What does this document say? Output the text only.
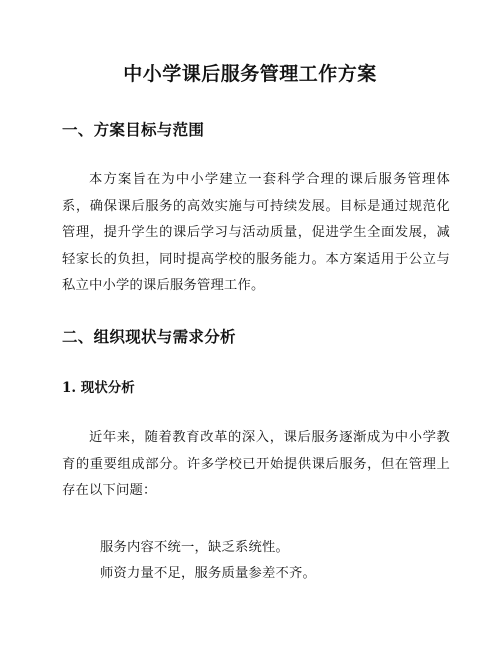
中小学课后服务管理工作方案
一、方案目标与范围

本方案旨在为中小学建立一套科学合理的课后服务管理体系，确保课后服务的高效实施与可持续发展。目标是通过规范化管理，提升学生的课后学习与活动质量，促进学生全面发展，减轻家长的负担，同时提高学校的服务能力。本方案适用于公立与私立中小学的课后服务管理工作。

二、组织现状与需求分析
1. 现状分析

近年来，随着教育改革的深入，课后服务逐渐成为中小学教育的重要组成部分。许多学校已开始提供课后服务，但在管理上存在以下问题：

服务内容不统一，缺乏系统性。
师资力量不足，服务质量参差不齐。
